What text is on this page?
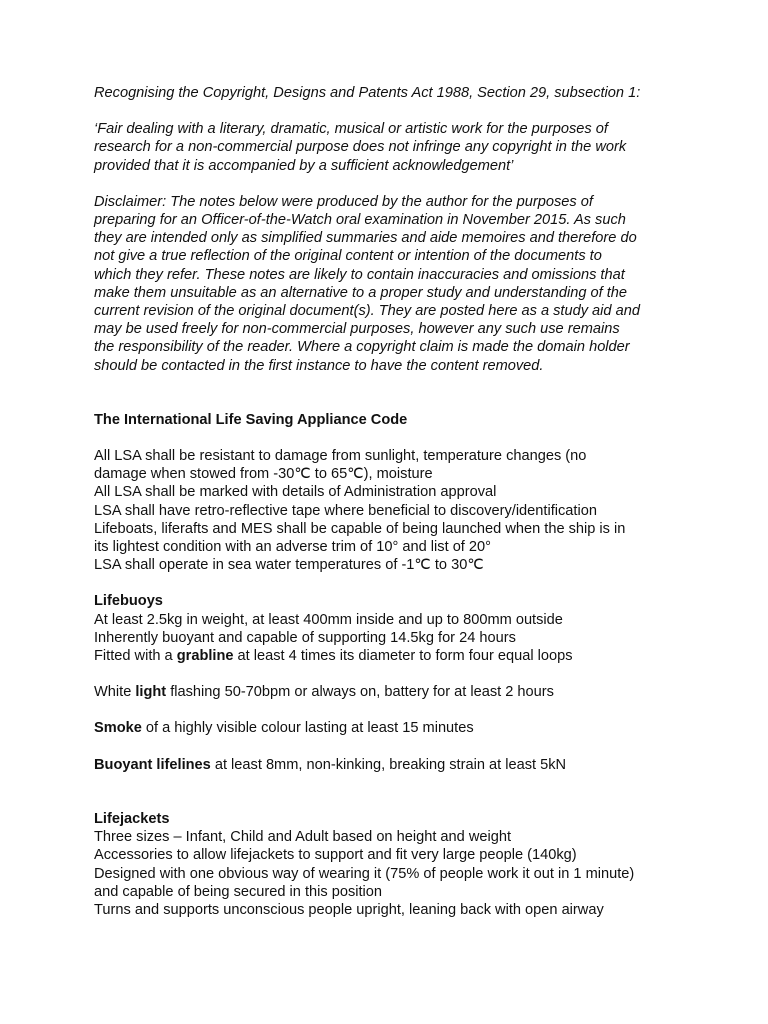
Recognising the Copyright, Designs and Patents Act 1988, Section 29, subsection 1:

‘Fair dealing with a literary, dramatic, musical or artistic work for the purposes of
research for a non-commercial purpose does not infringe any copyright in the work
provided that it is accompanied by a sufficient acknowledgement’
Disclaimer: The notes below were produced by the author for the purposes of
preparing for an Officer-of-the-Watch oral examination in November 2015. As such
they are intended only as simplified summaries and aide memoires and therefore do
not give a true reflection of the original content or intention of the documents to
which they refer. These notes are likely to contain inaccuracies and omissions that
make them unsuitable as an alternative to a proper study and understanding of the
current revision of the original document(s). They are posted here as a study aid and
may be used freely for non-commercial purposes, however any such use remains
the responsibility of the reader. Where a copyright claim is made the domain holder
should be contacted in the first instance to have the content removed.
The International Life Saving Appliance Code
All LSA shall be resistant to damage from sunlight, temperature changes (no
damage when stowed from -30℃ to 65℃), moisture
All LSA shall be marked with details of Administration approval
LSA shall have retro-reflective tape where beneficial to discovery/identification
Lifeboats, liferafts and MES shall be capable of being launched when the ship is in
its lightest condition with an adverse trim of 10° and list of 20°
LSA shall operate in sea water temperatures of -1℃ to 30℃
Lifebuoys
At least 2.5kg in weight, at least 400mm inside and up to 800mm outside
Inherently buoyant and capable of supporting 14.5kg for 24 hours
Fitted with a grabline at least 4 times its diameter to form four equal loops
White light flashing 50-70bpm or always on, battery for at least 2 hours
Smoke of a highly visible colour lasting at least 15 minutes
Buoyant lifelines at least 8mm, non-kinking, breaking strain at least 5kN
Lifejackets
Three sizes – Infant, Child and Adult based on height and weight
Accessories to allow lifejackets to support and fit very large people (140kg)
Designed with one obvious way of wearing it (75% of people work it out in 1 minute)
and capable of being secured in this position
Turns and supports unconscious people upright, leaning back with open airway
